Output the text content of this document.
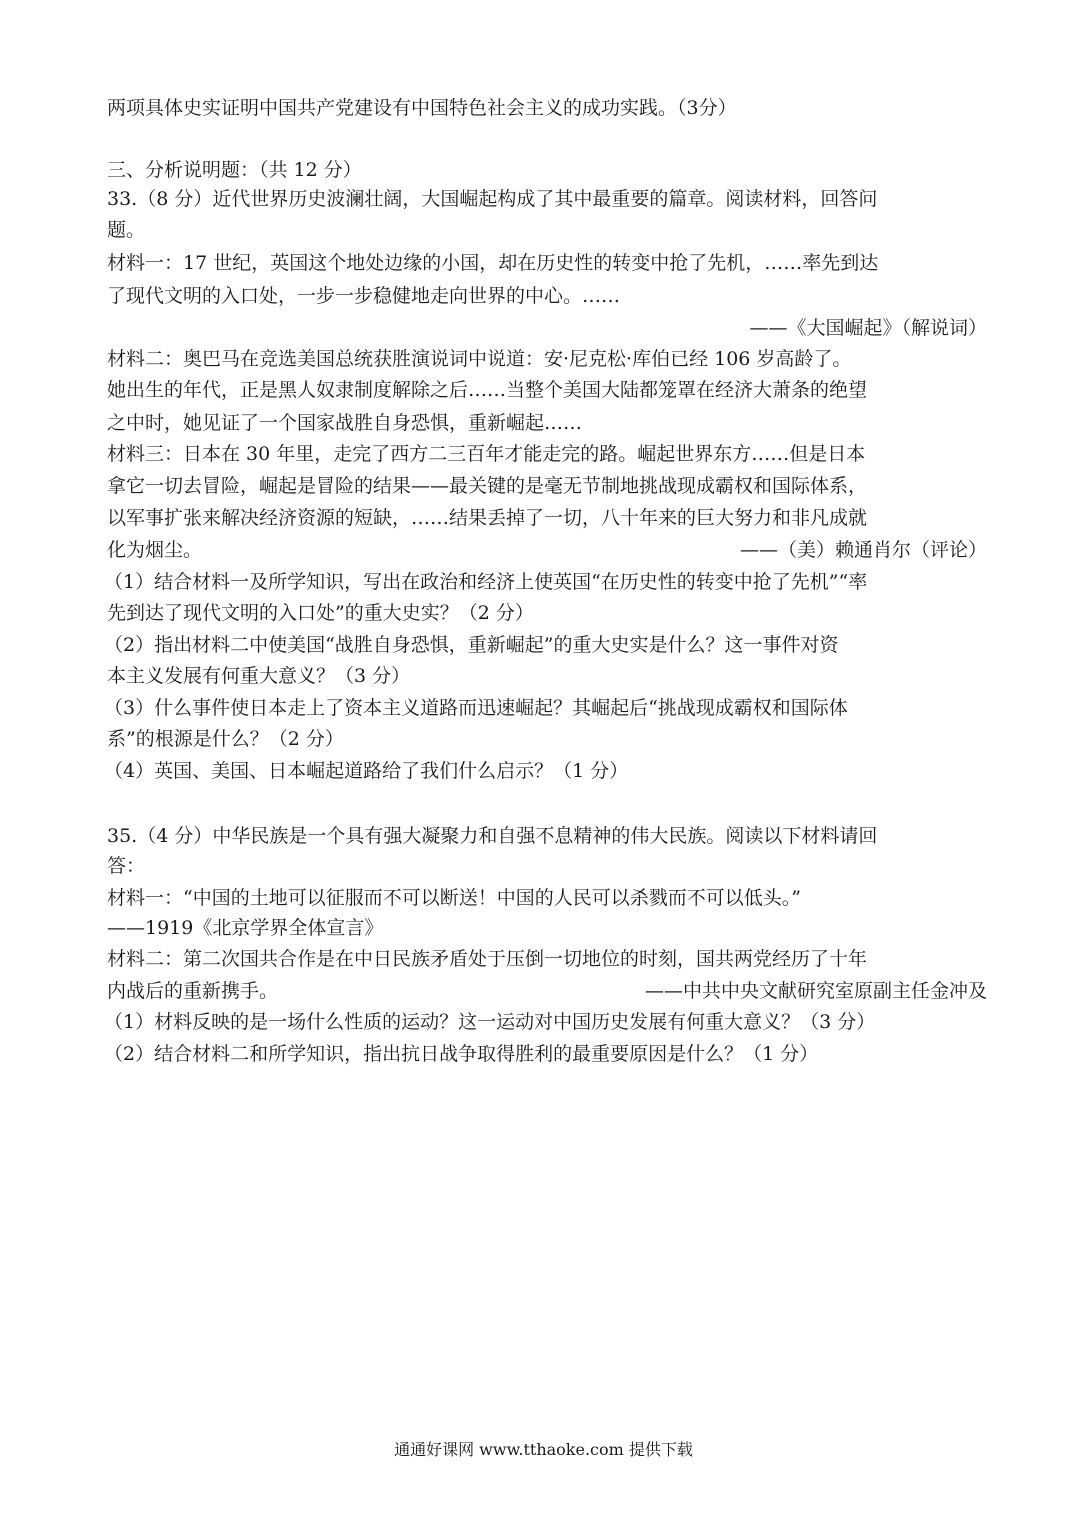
两项具体史实证明中国共产党建设有中国特色社会主义的成功实践。（3分）
三、分析说明题：（共 12 分）
33.（8 分）近代世界历史波澜壮阔，大国崛起构成了其中最重要的篇章。阅读材料，回答问
题。
材料一：17 世纪，英国这个地处边缘的小国，却在历史性的转变中抢了先机，……率先到达
了现代文明的入口处，一步一步稳健地走向世界的中心。……
——《大国崛起》（解说词）
材料二：奥巴马在竞选美国总统获胜演说词中说道：安·尼克松·库伯已经 106 岁高龄了。
她出生的年代，正是黑人奴隶制度解除之后……当整个美国大陆都笼罩在经济大萧条的绝望
之中时，她见证了一个国家战胜自身恐惧，重新崛起……
材料三：日本在 30 年里，走完了西方二三百年才能走完的路。崛起世界东方……但是日本
拿它一切去冒险，崛起是冒险的结果——最关键的是毫无节制地挑战现成霸权和国际体系，
以军事扩张来解决经济资源的短缺，……结果丢掉了一切，八十年来的巨大努力和非凡成就
化为烟尘。	——（美）赖通肖尔（评论）
（1）结合材料一及所学知识，写出在政治和经济上使英国“在历史性的转变中抢了先机”“率
先到达了现代文明的入口处”的重大史实？（2 分）
（2）指出材料二中使美国“战胜自身恐惧，重新崛起”的重大史实是什么？这一事件对资
本主义发展有何重大意义？（3 分）
（3）什么事件使日本走上了资本主义道路而迅速崛起？其崛起后“挑战现成霸权和国际体
系”的根源是什么？（2 分）
（4）英国、美国、日本崛起道路给了我们什么启示？（1 分）
35.（4 分）中华民族是一个具有强大凝聚力和自强不息精神的伟大民族。阅读以下材料请回
答：
材料一：“中国的土地可以征服而不可以断送！中国的人民可以杀戮而不可以低头。”
——1919《北京学界全体宣言》
材料二：第二次国共合作是在中日民族矛盾处于压倒一切地位的时刻，国共两党经历了十年
内战后的重新携手。	——中共中央文献研究室原副主任金冲及
（1）材料反映的是一场什么性质的运动？这一运动对中国历史发展有何重大意义？（3 分）
（2）结合材料二和所学知识，指出抗日战争取得胜利的最重要原因是什么？（1 分）
通通好课网 www.tthaoke.com 提供下载
